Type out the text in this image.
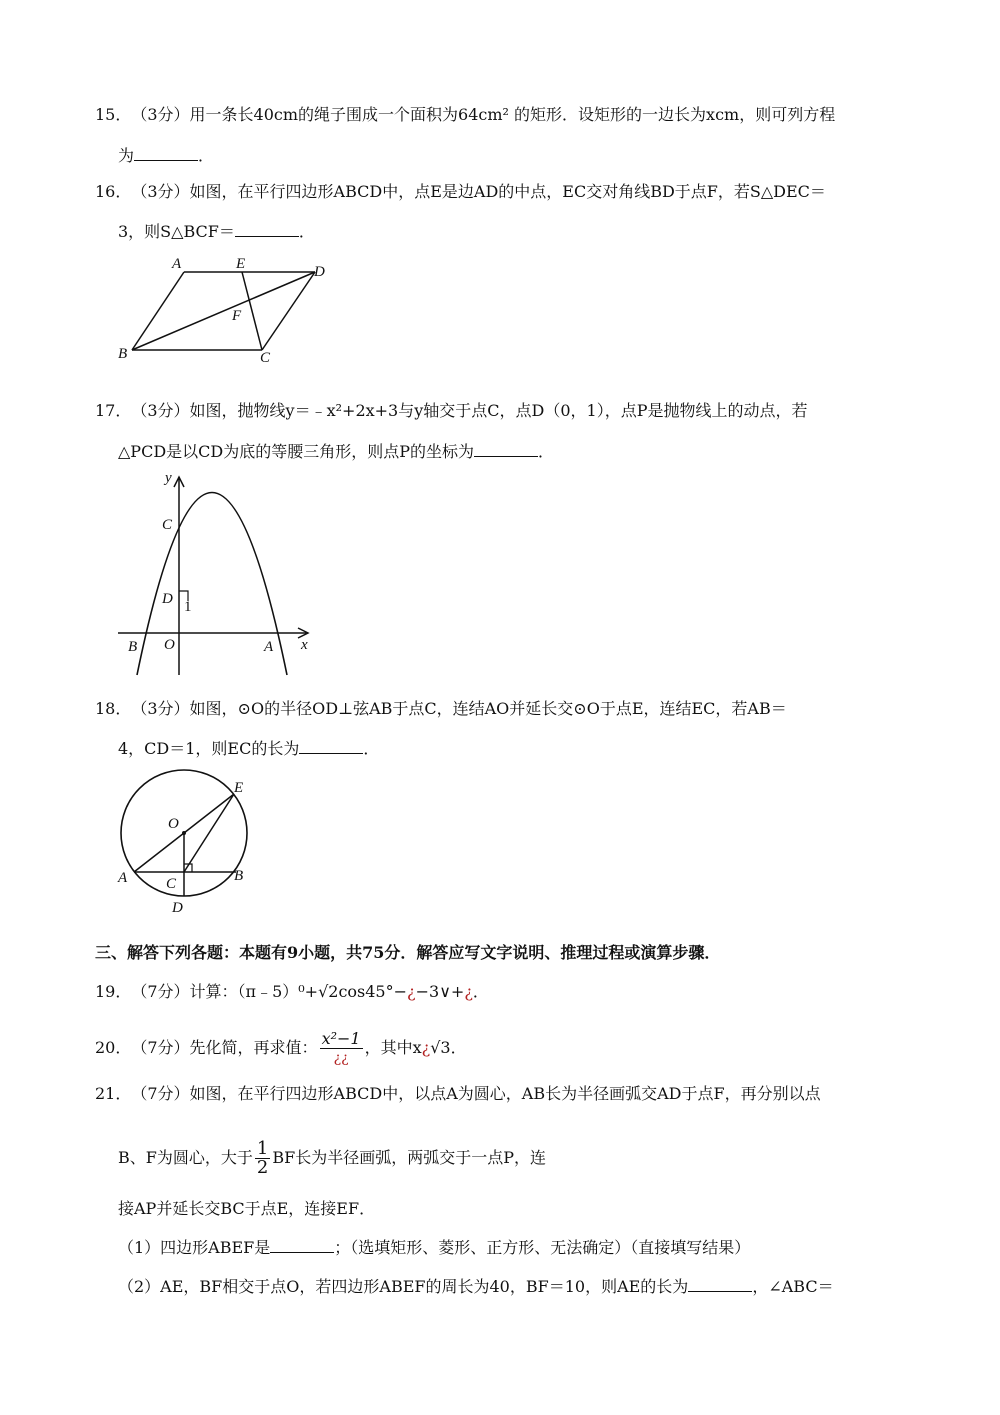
15．（3分）用一条长40cm的绳子围成一个面积为64cm² 的矩形．设矩形的一边长为xcm，则可列方程
为	．
16．（3分）如图，在平行四边形ABCD中，点E是边AD的中点，EC交对角线BD于点F，若S△DEC＝
3，则S△BCF＝	．
A	E	D
F
B	C
17．（3分）如图，抛物线y＝﹣x²+2x+3与y轴交于点C，点D（0，1），点P是抛物线上的动点，若
△PCD是以CD为底的等腰三角形，则点P的坐标为	．
y
x
C
D 1
O
B	A
18．（3分）如图，⊙O的半径OD⊥弦AB于点C，连结AO并延长交⊙O于点E，连结EC，若AB＝
4，CD＝1，则EC的长为	．
O
E
A	C	B
D
三、解答下列各题：本题有9小题，共75分．解答应写文字说明、推理过程或演算步骤．
19．（7分）计算：（π﹣5）⁰+√2cos45°−¿−3∨+¿．
20．（7分）先化简，再求值： $\frac{\text{x²−1}}{¿¿}$ ，其中x¿√3．
21．（7分）如图，在平行四边形ABCD中，以点A为圆心，AB长为半径画弧交AD于点F，再分别以点
B、F为圆心，大于 $\frac{1}{2}$ BF长为半径画弧，两弧交于一点P，连
接AP并延长交BC于点E，连接EF．
（1）四边形ABEF是	；（选填矩形、菱形、正方形、无法确定）（直接填写结果）
（2）AE，BF相交于点O，若四边形ABEF的周长为40，BF＝10，则AE的长为	，∠ABC＝
